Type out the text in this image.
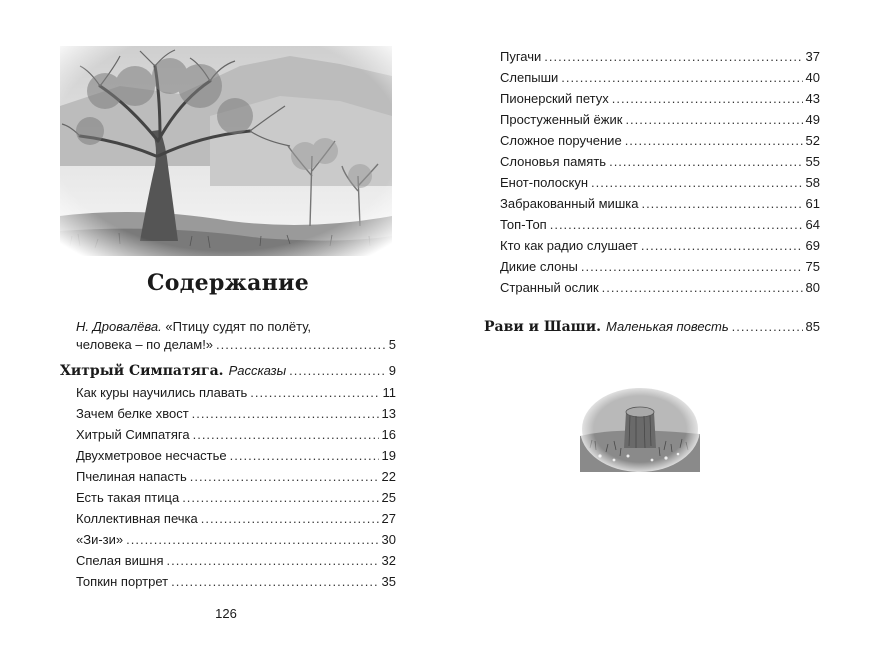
Содержание
Н. Дровалёва. «Птицу судят по полёту,
человека – по делам!» .....	5
Хитрый Симпатяга. Рассказы .....	9
Как куры научились плавать .....	11
Зачем белке хвост .....	13
Хитрый Симпатяга .....	16
Двухметровое несчастье .....	19
Пчелиная напасть .....	22
Есть такая птица .....	25
Коллективная печка .....	27
«Зи-зи» .....	30
Спелая вишня .....	32
Топкин портрет .....	35
126
Пугачи .....	37
Слепыши .....	40
Пионерский петух .....	43
Простуженный ёжик .....	49
Сложное поручение .....	52
Слоновья память .....	55
Енот-полоскун .....	58
Забракованный мишка .....	61
Топ-Топ .....	64
Кто как радио слушает .....	69
Дикие слоны .....	75
Странный ослик .....	80
Рави и Шаши. Маленькая повесть .....	85
